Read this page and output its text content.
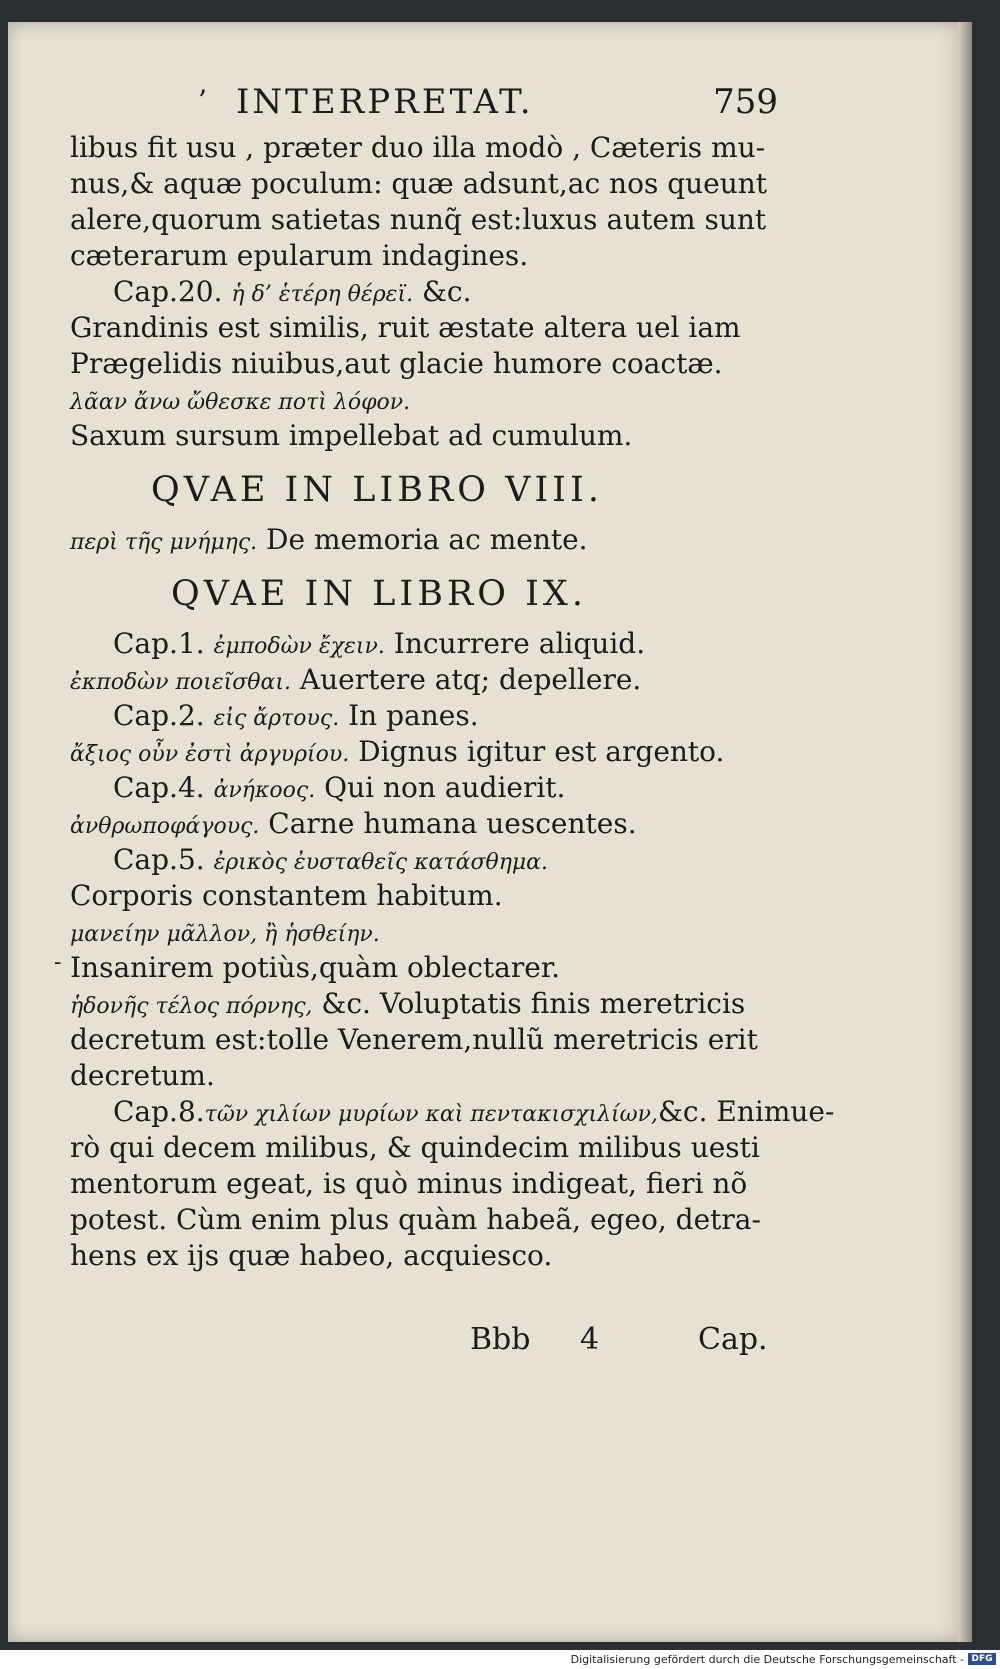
’ INTERPRETAT.	759
libus fit usu , præter duo illa modò , Cæteris mu-
nus,& aquæ poculum: quæ adsunt,ac nos queunt
alere,quorum satietas nunq̃ est:luxus autem sunt
cæterarum epularum indagines.
Cap.20. ἡ δ’ ἑτέρη θέρεϊ. &c.
Grandinis est similis, ruit æstate altera uel iam
Prægelidis niuibus,aut glacie humore coactæ.
λᾶαν ἄνω ὤθεσκε ποτὶ λόφον.
Saxum sursum impellebat ad cumulum.
QVAE IN LIBRO VIII.
περὶ τῆς μνήμης. De memoria ac mente.
QVAE IN LIBRO IX.
Cap.1. ἐμποδὼν ἔχειν. Incurrere aliquid.
ἐκποδὼν ποιεῖσθαι. Auertere atq; depellere.
Cap.2. εἰς ἄρτους. In panes.
ἄξιος οὖν ἐστὶ ἀργυρίου. Dignus igitur est argento.
Cap.4. ἀνήκοος. Qui non audierit.
ἀνθρωποφάγους. Carne humana uescentes.
Cap.5. ἐρικὸς ἐυσταθεῖς κατάσθημα.
Corporis constantem habitum.
μανείην μᾶλλον, ἢ ἡσθείην.
- Insanirem potiùs,quàm oblectarer.
ἡδονῆς τέλος πόρνης, &c. Voluptatis finis meretricis
decretum est:tolle Venerem,nullũ meretricis erit
decretum.
Cap.8.τῶν χιλίων μυρίων καὶ πεντακισχιλίων,&c. Enimue-
rò qui decem milibus, & quindecim milibus uesti
mentorum egeat, is quò minus indigeat, fieri nõ
potest. Cùm enim plus quàm habeã, egeo, detra-
hens ex ijs quæ habeo, acquiesco.
Bbb 4	Cap.
Digitalisierung gefördert durch die Deutsche Forschungsgemeinschaft - DFG
